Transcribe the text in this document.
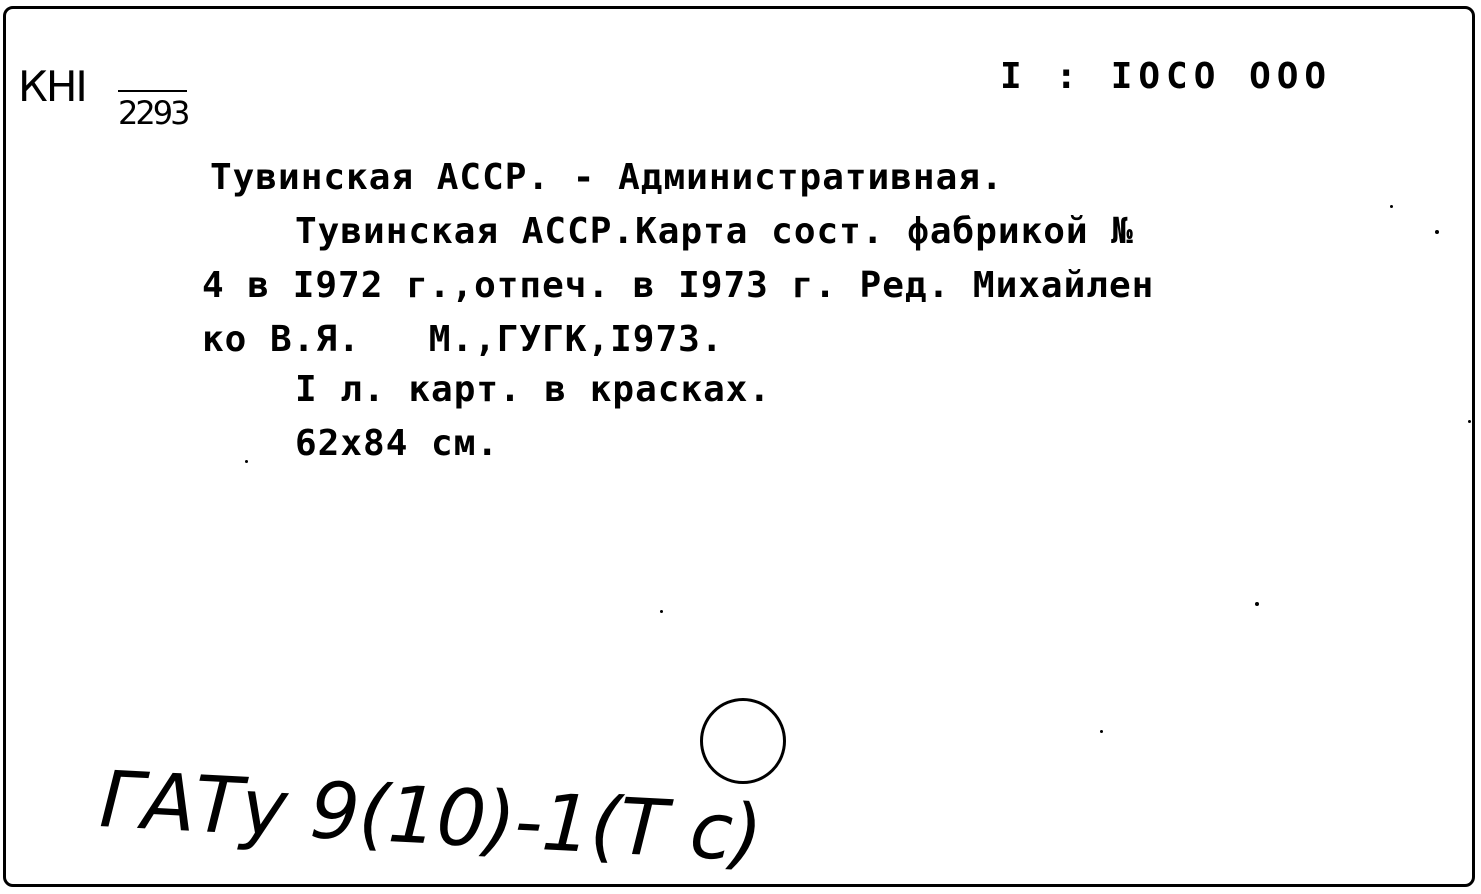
КНІ
2293
I : IOCO OOO
Тувинская АССР. - Административная.
Тувинская АССР.Карта сост. фабрикой №
4 в I972 г.,отпеч. в I973 г. Ред. Михайлен
ко В.Я.   М.,ГУГК,I973.
I л. карт. в красках.
62x84 см.
ГАТу 9(10)-1(Т c)
